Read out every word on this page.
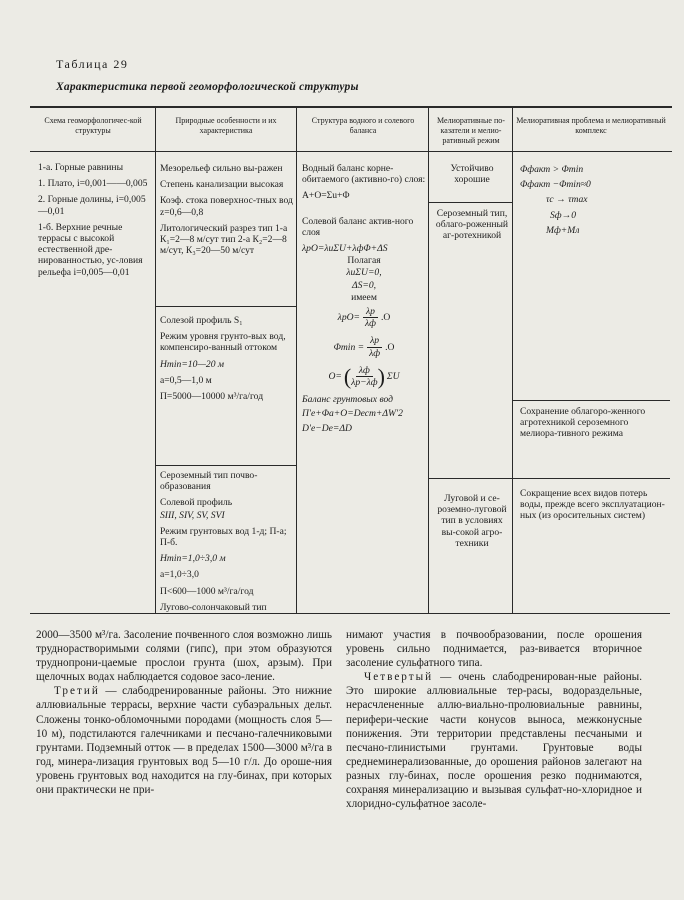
Таблица 29
Характеристика первой геоморфологической структуры
Схема геоморфологичес-кой структуры
Природные особенности и их характеристика
Структура водного и солевого баланса
Мелиоративные по-казатели и мелио-ративный режим
Мелиоративная проблема и мелиоративный комплекс

1-а. Горные равнины

1. Плато, i=0,001——0,005

2. Горные долины, i=0,005—0,01

1-б. Верхние речные террасы с высокой естественной дре-нированностью, ус-ловия рельефа i=0,005—0,01

Мезорельеф сильно вы-ражен

Степень канализации высокая

Коэф. стока поверхнос-тных вод z=0,6—0,8

Литологический разрез тип 1-а К₁=2—8 м/сут тип 2-а К₂=2—8 м/сут, К₃=20—50 м/сут

Солезой профиль S₁

Режим уровня грунто-вых вод, компенсиро-ванный оттоком

Hmin=10—20 м

a=0,5—1,0 м

П=5000—10000 м³/га/год

Сероземный тип почво-образования

Солевой профиль

SIII, SIV, SV, SVI

Режим грунтовых вод 1-д; П-а; П-б.

Hmin=1,0÷3,0 м

a=1,0÷3,0

П<600—1000 м³/га/год

Лугово-солончаковый тип

Водный баланс корне-обитаемого (активно-го) слоя:

A+O=Σu+Φ

Солевой баланс актив-ного слоя

λpO=λuΣU+λфΦ+ΔS

Полагая

λuΣU=0,

ΔS=0,

имеем

λpO=
λp
λф
.O
Φmin =
λp
λф
.O
O= ( λф
λp−λф ) ΣU

Баланс грунтовых вод

П'e+Φa+O=Dест+ΔW'2

D'e−De=ΔD

Устойчиво хорошие

Сероземный тип, облаго-роженный аг-ротехникой

Луговой и се-роземно-луговой тип в условиях вы-сокой агро-техники

Φфакт > Φmin

Φфакт −Φmin≈0

τc → τmax

Sф→0

Mф+Mл

Сохранение облагоро-женного агротехникой сероземного мелиора-тивного режима

Сокращение всех видов потерь воды, прежде всего эксплуатацион-ных (из оросительных систем)

2000—3500 м³/га. Засоление почвенного слоя возможно лишь труднорастворимыми солями (гипс), при этом образуются труднопрони-цаемые прослои грунта (шох, арзым). При щелочных водах наблюдается содовое засо-ление.

Третий — слабодренированные районы. Это нижние аллювиальные террасы, верхние части субаэральных дельт. Сложены тонко-обломочными породами (мощность слоя 5—10 м), подстилаются галечниками и песчано-галечниковыми грунтами. Подземный отток — в пределах 1500—3000 м³/га в год, минера-лизация грунтовых вод 5—10 г/л. До ороше-ния уровень грунтовых вод находится на глу-бинах, при которых они практически не при-

нимают участия в почвообразовании, после орошения уровень сильно поднимается, раз-вивается вторичное засоление сульфатного типа.

Четвертый — очень слабодренирован-ные районы. Это широкие аллювиальные тер-расы, водораздельные, нерасчлененные аллю-виально-пролювиальные равнины, перифери-ческие части конусов выноса, межконусные понижения. Эти территории представлены песчаными и песчано-глинистыми грунтами. Грунтовые воды среднеминерализованные, до орошения районов залегают на разных глу-бинах, после орошения резко поднимаются, сохраняя минерализацию и вызывая сульфат-но-хлоридное и хлоридно-сульфатное засоле-
